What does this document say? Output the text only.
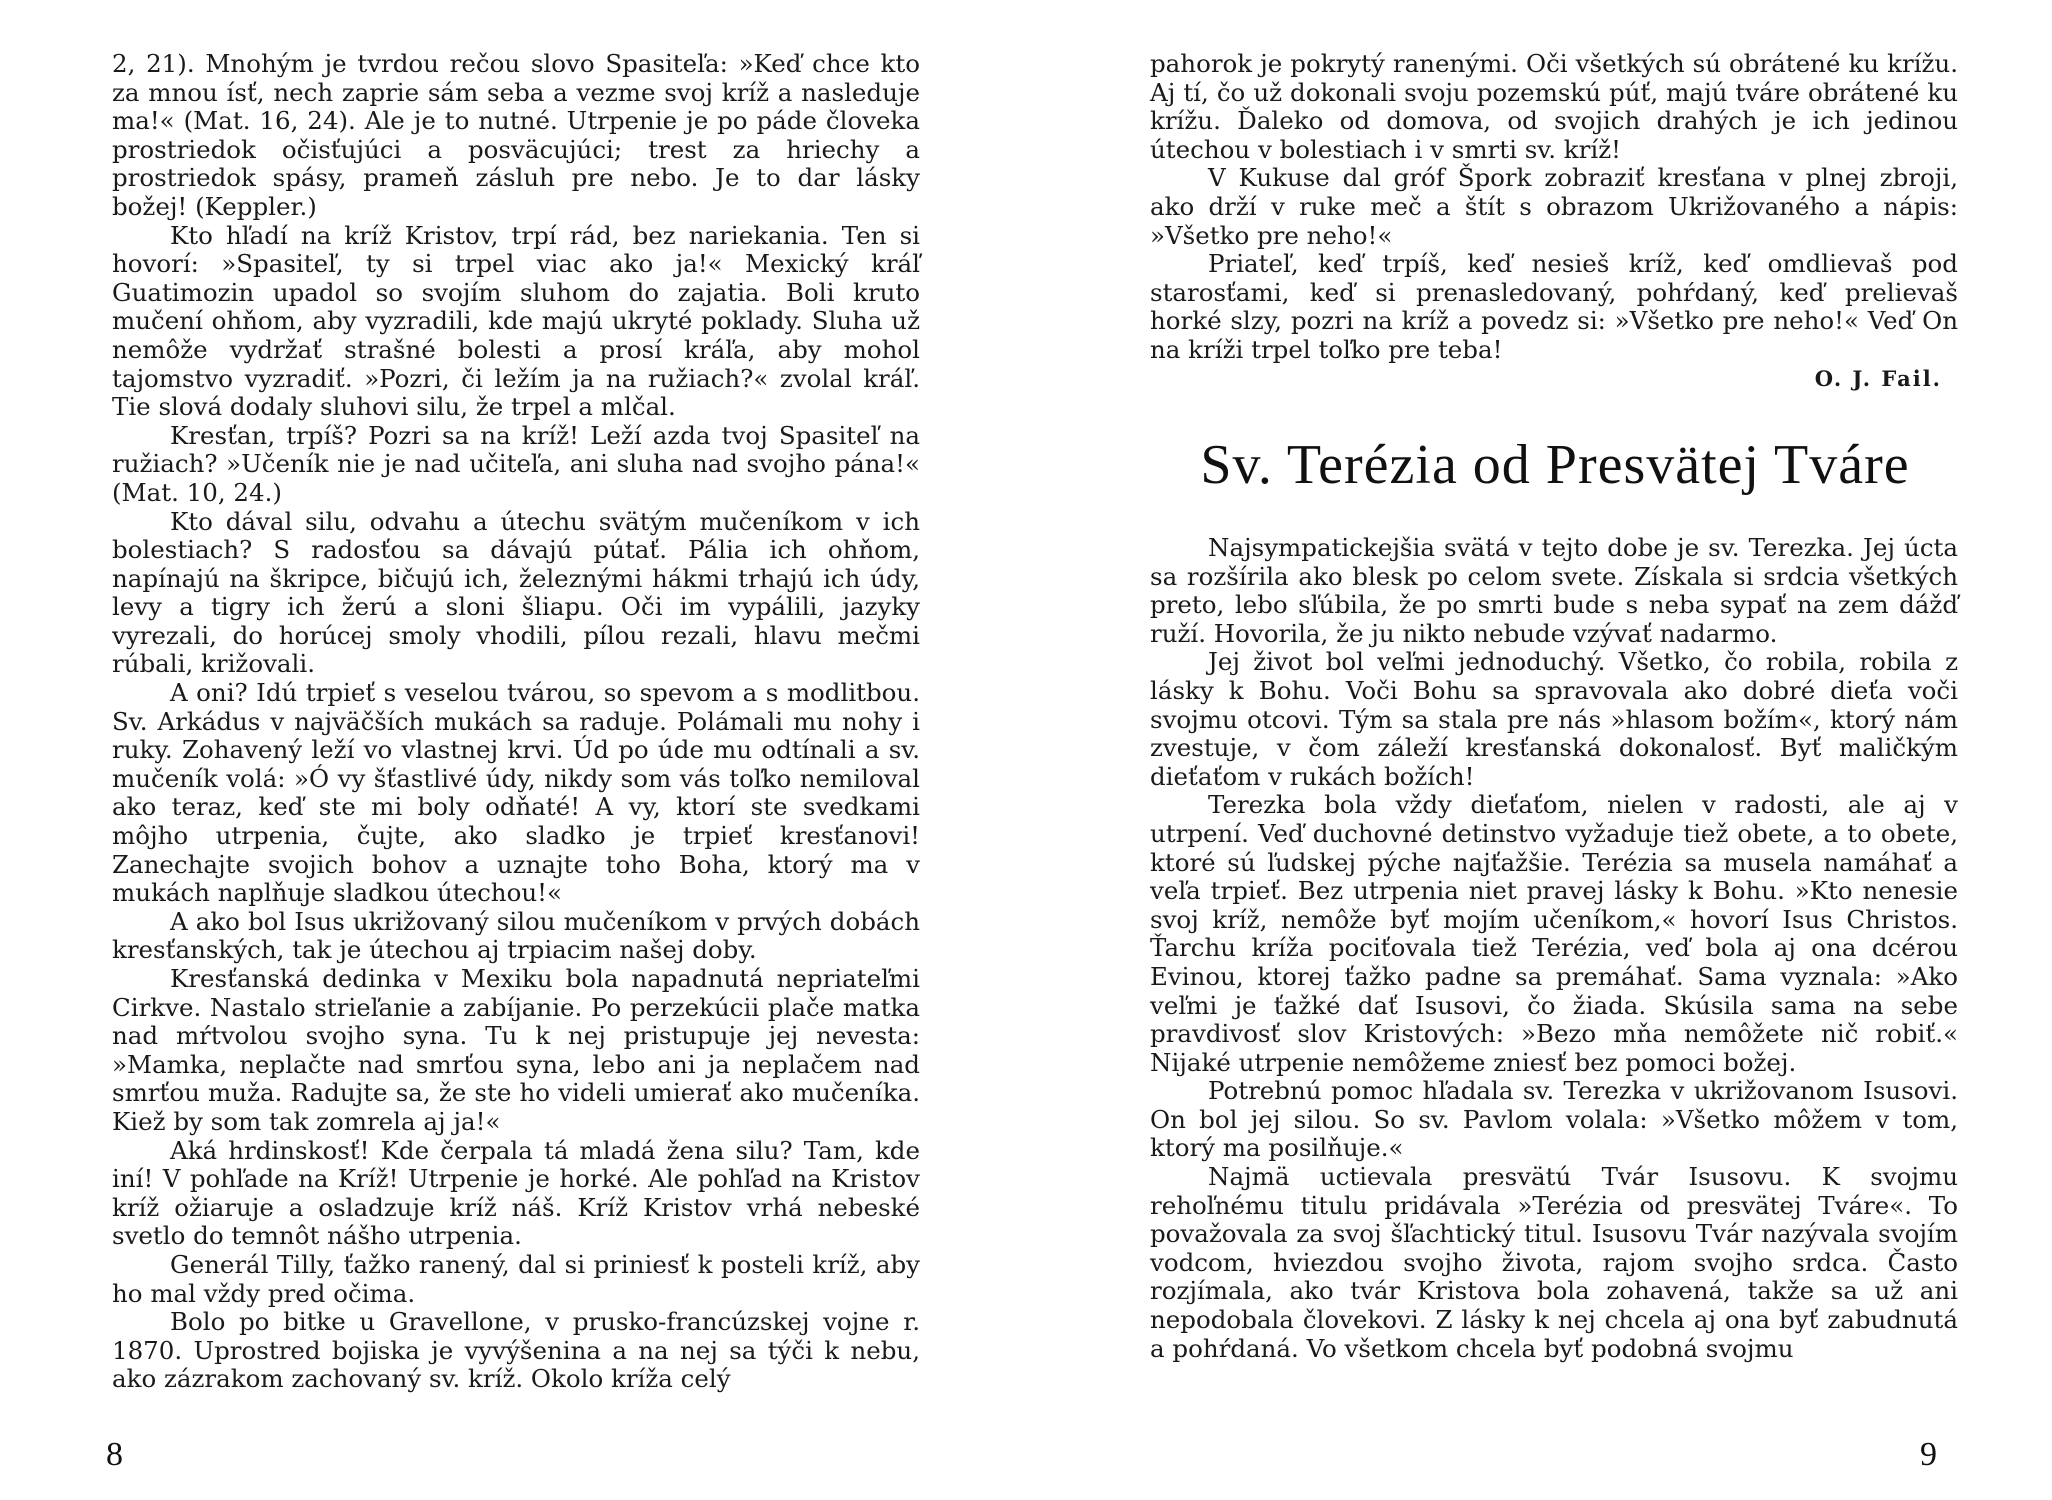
2, 21). Mnohým je tvrdou rečou slovo Spasiteľa: »Keď chce kto za mnou ísť, nech zaprie sám seba a vezme svoj kríž a nasleduje ma!« (Mat. 16, 24). Ale je to nutné. Utrpenie je po páde človeka prostriedok očisťujúci a posväcujúci; trest za hriechy a prostriedok spásy, prameň zásluh pre nebo. Je to dar lásky božej! (Keppler.)

Kto hľadí na kríž Kristov, trpí rád, bez nariekania. Ten si hovorí: »Spasiteľ, ty si trpel viac ako ja!« Mexický kráľ Guatimozin upadol so svojím sluhom do zajatia. Boli kruto mučení ohňom, aby vyzradili, kde majú ukryté poklady. Sluha už nemôže vydržať strašné bolesti a prosí kráľa, aby mohol tajomstvo vyzradiť. »Pozri, či ležím ja na ružiach?« zvolal kráľ. Tie slová dodaly sluhovi silu, že trpel a mlčal.

Kresťan, trpíš? Pozri sa na kríž! Leží azda tvoj Spasiteľ na ružiach? »Učeník nie je nad učiteľa, ani sluha nad svojho pána!« (Mat. 10, 24.)

Kto dával silu, odvahu a útechu svätým mučeníkom v ich bolestiach? S radosťou sa dávajú pútať. Pália ich ohňom, napínajú na škripce, bičujú ich, železnými hákmi trhajú ich údy, levy a tigry ich žerú a sloni šliapu. Oči im vypálili, jazyky vyrezali, do horúcej smoly vhodili, pílou rezali, hlavu mečmi rúbali, križovali.

A oni? Idú trpieť s veselou tvárou, so spevom a s modlitbou. Sv. Arkádus v najväčších mukách sa raduje. Polámali mu nohy i ruky. Zohavený leží vo vlastnej krvi. Úd po úde mu odtínali a sv. mučeník volá: »Ó vy šťastlivé údy, nikdy som vás toľko nemiloval ako teraz, keď ste mi boly odňaté! A vy, ktorí ste svedkami môjho utrpenia, čujte, ako sladko je trpieť kresťanovi! Zanechajte svojich bohov a uznajte toho Boha, ktorý ma v mukách naplňuje sladkou útechou!«

A ako bol Isus ukrižovaný silou mučeníkom v prvých dobách kresťanských, tak je útechou aj trpiacim našej doby.

Kresťanská dedinka v Mexiku bola napadnutá nepriateľmi Cirkve. Nastalo strieľanie a zabíjanie. Po perzekúcii plače matka nad mŕtvolou svojho syna. Tu k nej pristupuje jej nevesta: »Mamka, neplačte nad smrťou syna, lebo ani ja neplačem nad smrťou muža. Radujte sa, že ste ho videli umierať ako mučeníka. Kiež by som tak zomrela aj ja!«

Aká hrdinskosť! Kde čerpala tá mladá žena silu? Tam, kde iní! V pohľade na Kríž! Utrpenie je horké. Ale pohľad na Kristov kríž ožiaruje a osladzuje kríž náš. Kríž Kristov vrhá nebeské svetlo do temnôt nášho utrpenia.

Generál Tilly, ťažko ranený, dal si priniesť k posteli kríž, aby ho mal vždy pred očima.

Bolo po bitke u Gravellone, v prusko-francúzskej vojne r. 1870. Uprostred bojiska je vyvýšenina a na nej sa týči k nebu, ako zázrakom zachovaný sv. kríž. Okolo kríža celý

8

pahorok je pokrytý ranenými. Oči všetkých sú obrátené ku krížu. Aj tí, čo už dokonali svoju pozemskú púť, majú tváre obrátené ku krížu. Ďaleko od domova, od svojich drahých je ich jedinou útechou v bolestiach i v smrti sv. kríž!

V Kukuse dal gróf Špork zobraziť kresťana v plnej zbroji, ako drží v ruke meč a štít s obrazom Ukrižovaného a nápis: »Všetko pre neho!«

Priateľ, keď trpíš, keď nesieš kríž, keď omdlievaš pod starosťami, keď si prenasledovaný, pohŕdaný, keď prelievaš horké slzy, pozri na kríž a povedz si: »Všetko pre neho!« Veď On na kríži trpel toľko pre teba!

O. J. Fail.
Sv. Terézia od Presvätej Tváre

Najsympatickejšia svätá v tejto dobe je sv. Terezka. Jej úcta sa rozšírila ako blesk po celom svete. Získala si srdcia všetkých preto, lebo sľúbila, že po smrti bude s neba sypať na zem dážď ruží. Hovorila, že ju nikto nebude vzývať nadarmo.

Jej život bol veľmi jednoduchý. Všetko, čo robila, robila z lásky k Bohu. Voči Bohu sa spravovala ako dobré dieťa voči svojmu otcovi. Tým sa stala pre nás »hlasom božím«, ktorý nám zvestuje, v čom záleží kresťanská dokonalosť. Byť maličkým dieťaťom v rukách božích!

Terezka bola vždy dieťaťom, nielen v radosti, ale aj v utrpení. Veď duchovné detinstvo vyžaduje tiež obete, a to obete, ktoré sú ľudskej pýche najťažšie. Terézia sa musela namáhať a veľa trpieť. Bez utrpenia niet pravej lásky k Bohu. »Kto nenesie svoj kríž, nemôže byť mojím učeníkom,« hovorí Isus Christos. Ťarchu kríža pociťovala tiež Terézia, veď bola aj ona dcérou Evinou, ktorej ťažko padne sa premáhať. Sama vyznala: »Ako veľmi je ťažké dať Isusovi, čo žiada. Skúsila sama na sebe pravdivosť slov Kristových: »Bezo mňa nemôžete nič robiť.« Nijaké utrpenie nemôžeme zniesť bez pomoci božej.

Potrebnú pomoc hľadala sv. Terezka v ukrižovanom Isusovi. On bol jej silou. So sv. Pavlom volala: »Všetko môžem v tom, ktorý ma posilňuje.«

Najmä uctievala presvätú Tvár Isusovu. K svojmu rehoľnému titulu pridávala »Terézia od presvätej Tváre«. To považovala za svoj šľachtický titul. Isusovu Tvár nazývala svojím vodcom, hviezdou svojho života, rajom svojho srdca. Často rozjímala, ako tvár Kristova bola zohavená, takže sa už ani nepodobala človekovi. Z lásky k nej chcela aj ona byť zabudnutá a pohŕdaná. Vo všetkom chcela byť podobná svojmu

9
